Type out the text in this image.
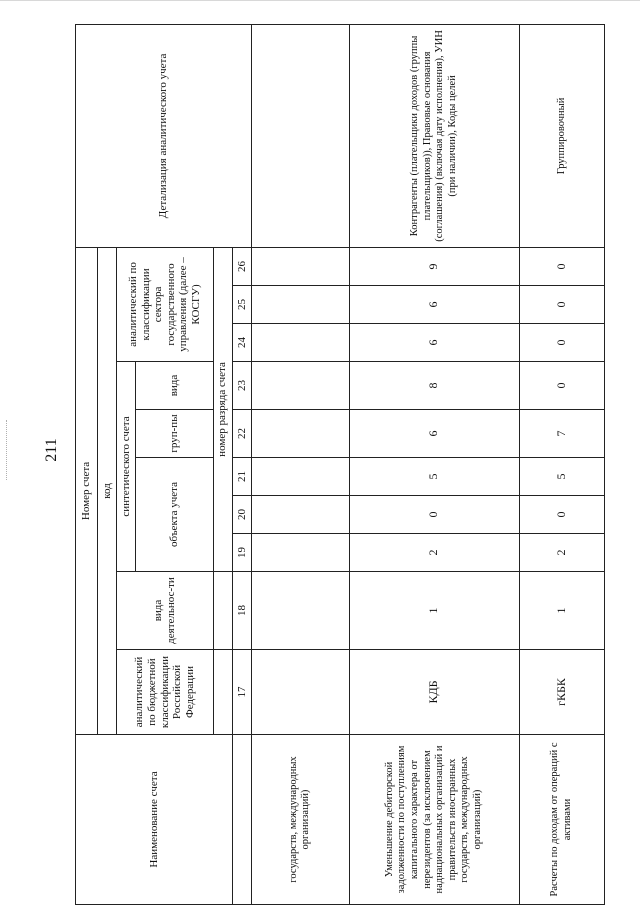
211
Наименование счета	Номер счета										Детализация аналитического учета
	код										
	аналитический по бюджетной классификации Российской Федерации	вида деятельнос-ти	синтетического счета					аналитический по классификации сектора государственного управления (далее – КОСГУ)			
			объекта учета			груп-пы	вида				
			номер разряда счета								
	17	18	19	20	21	22	23	24	25	26	
государств, международных организаций)											
Уменьшение дебиторской задолженности по поступлениям капитального характера от нерезидентов (за исключением наднациональных организаций и правительств иностранных государств, международных организаций)	КДБ	1	2	0	5	6	8	6	6	9	Контрагенты (плательщики доходов (группы плательщиков)), Правовые основания (соглашения) (включая дату исполнения), УИН (при наличии), Коды целей
Расчеты по доходам от операций с активами	гКБК	1	2	0	5	7	0	0	0	0	Группировочный
